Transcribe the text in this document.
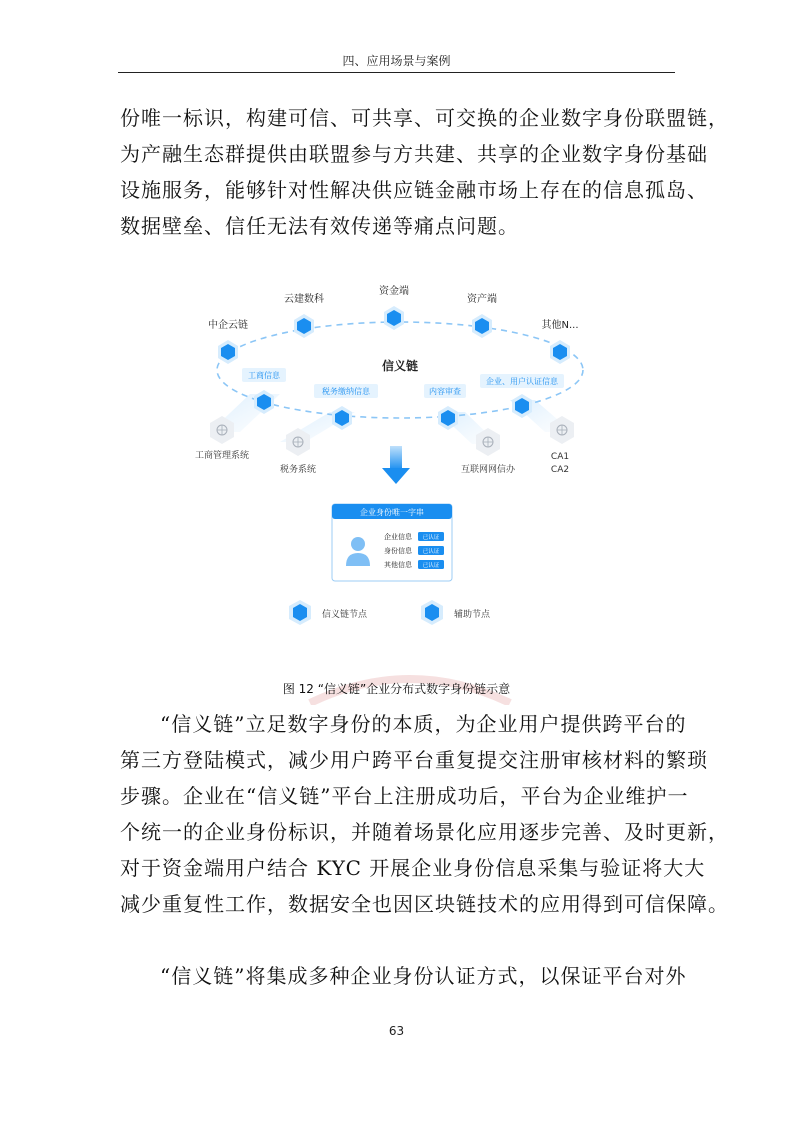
四、应用场景与案例
份唯一标识，构建可信、可共享、可交换的企业数字身份联盟链，
为产融生态群提供由联盟参与方共建、共享的企业数字身份基础
设施服务，能够针对性解决供应链金融市场上存在的信息孤岛、
数据壁垒、信任无法有效传递等痛点问题。
信义链
中企云链
云建数科
资金端
资产端
其他N...
工商信息
税务缴纳信息	内容审查
企业、用户认证信息
工商管理系统
税务系统	互联网网信办
CA1
CA2
企业身份唯一字串
企业信息 已认证
身份信息 已认证
其他信息 已认证
信义链节点	辅助节点
图 12 “信义链”企业分布式数字身份链示意
“信义链”立足数字身份的本质，为企业用户提供跨平台的
第三方登陆模式，减少用户跨平台重复提交注册审核材料的繁琐
步骤。企业在“信义链”平台上注册成功后，平台为企业维护一
个统一的企业身份标识，并随着场景化应用逐步完善、及时更新，
对于资金端用户结合 KYC 开展企业身份信息采集与验证将大大
减少重复性工作，数据安全也因区块链技术的应用得到可信保障。
“信义链”将集成多种企业身份认证方式，以保证平台对外
63
